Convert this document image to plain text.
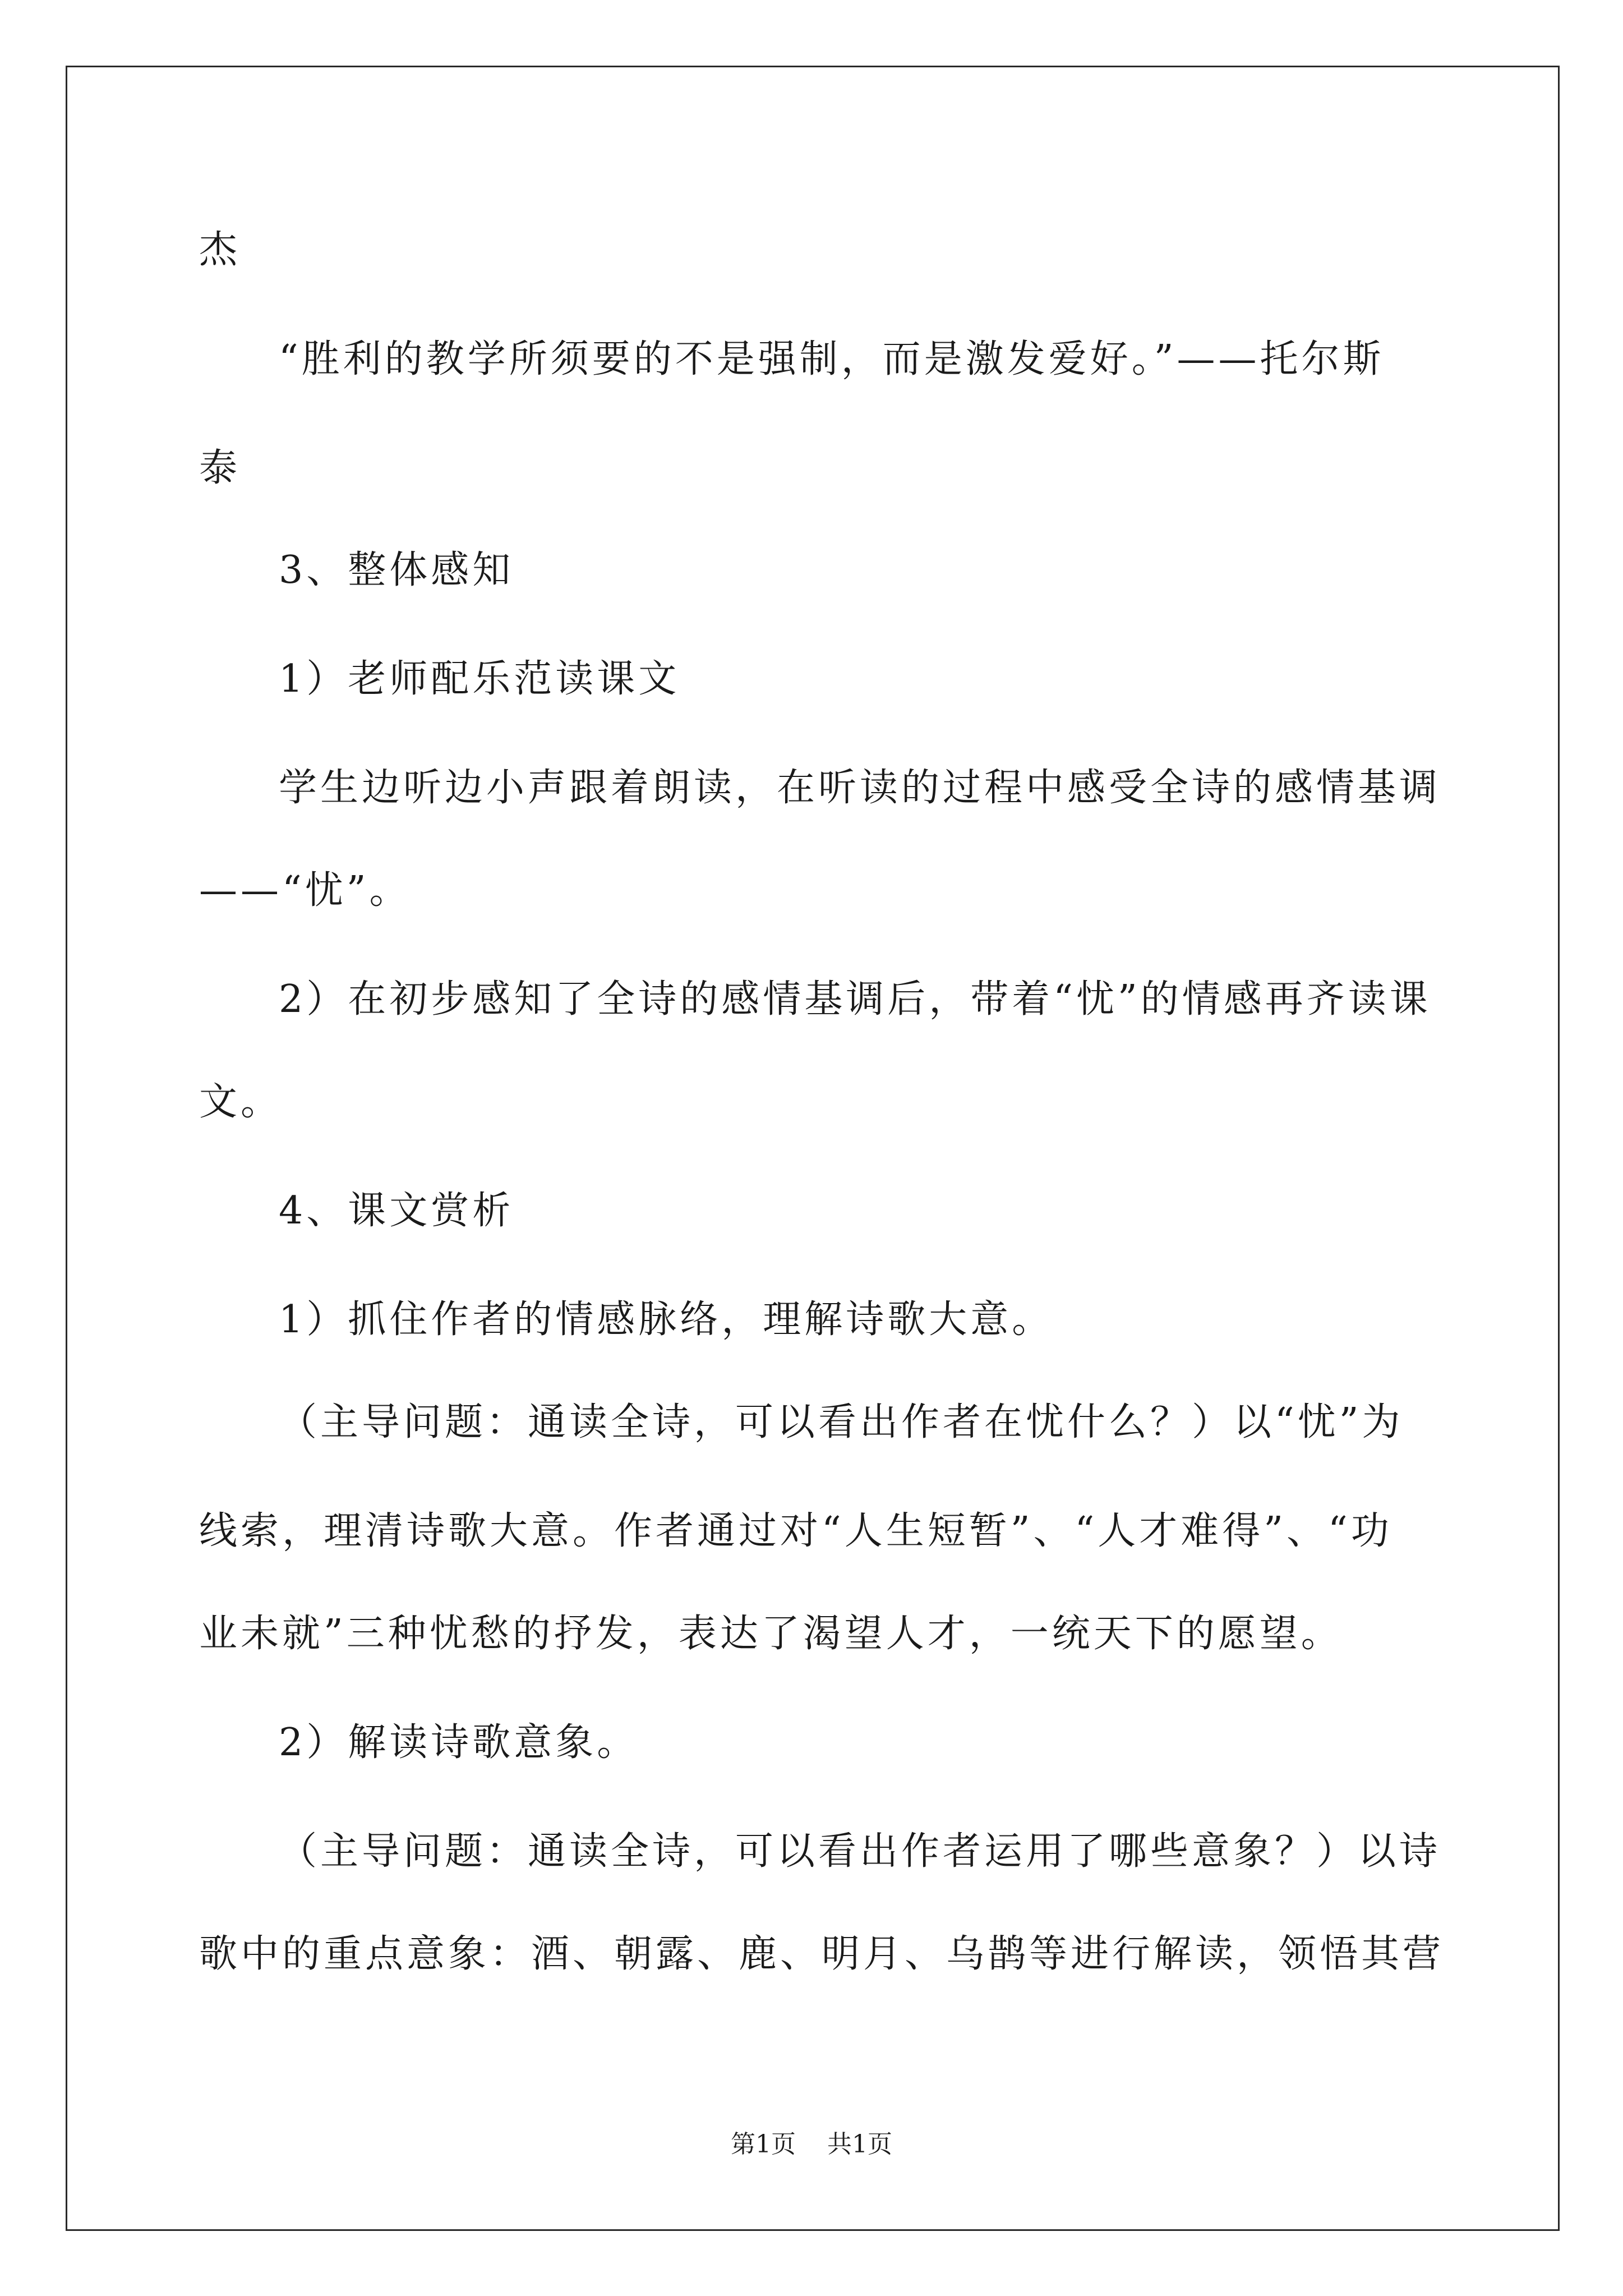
杰
“胜利的教学所须要的不是强制，而是激发爱好。”——托尔斯
泰
3、整体感知
1）老师配乐范读课文
学生边听边小声跟着朗读，在听读的过程中感受全诗的感情基调
——“忧”。
2）在初步感知了全诗的感情基调后，带着“忧”的情感再齐读课
文。
4、课文赏析
1）抓住作者的情感脉络，理解诗歌大意。
（主导问题：通读全诗，可以看出作者在忧什么？）以“忧”为
线索，理清诗歌大意。作者通过对“人生短暂”、“人才难得”、“功
业未就”三种忧愁的抒发，表达了渴望人才，一统天下的愿望。
2）解读诗歌意象。
（主导问题：通读全诗，可以看出作者运用了哪些意象？）以诗
歌中的重点意象：酒、朝露、鹿、明月、乌鹊等进行解读，领悟其营
第1页 共1页
